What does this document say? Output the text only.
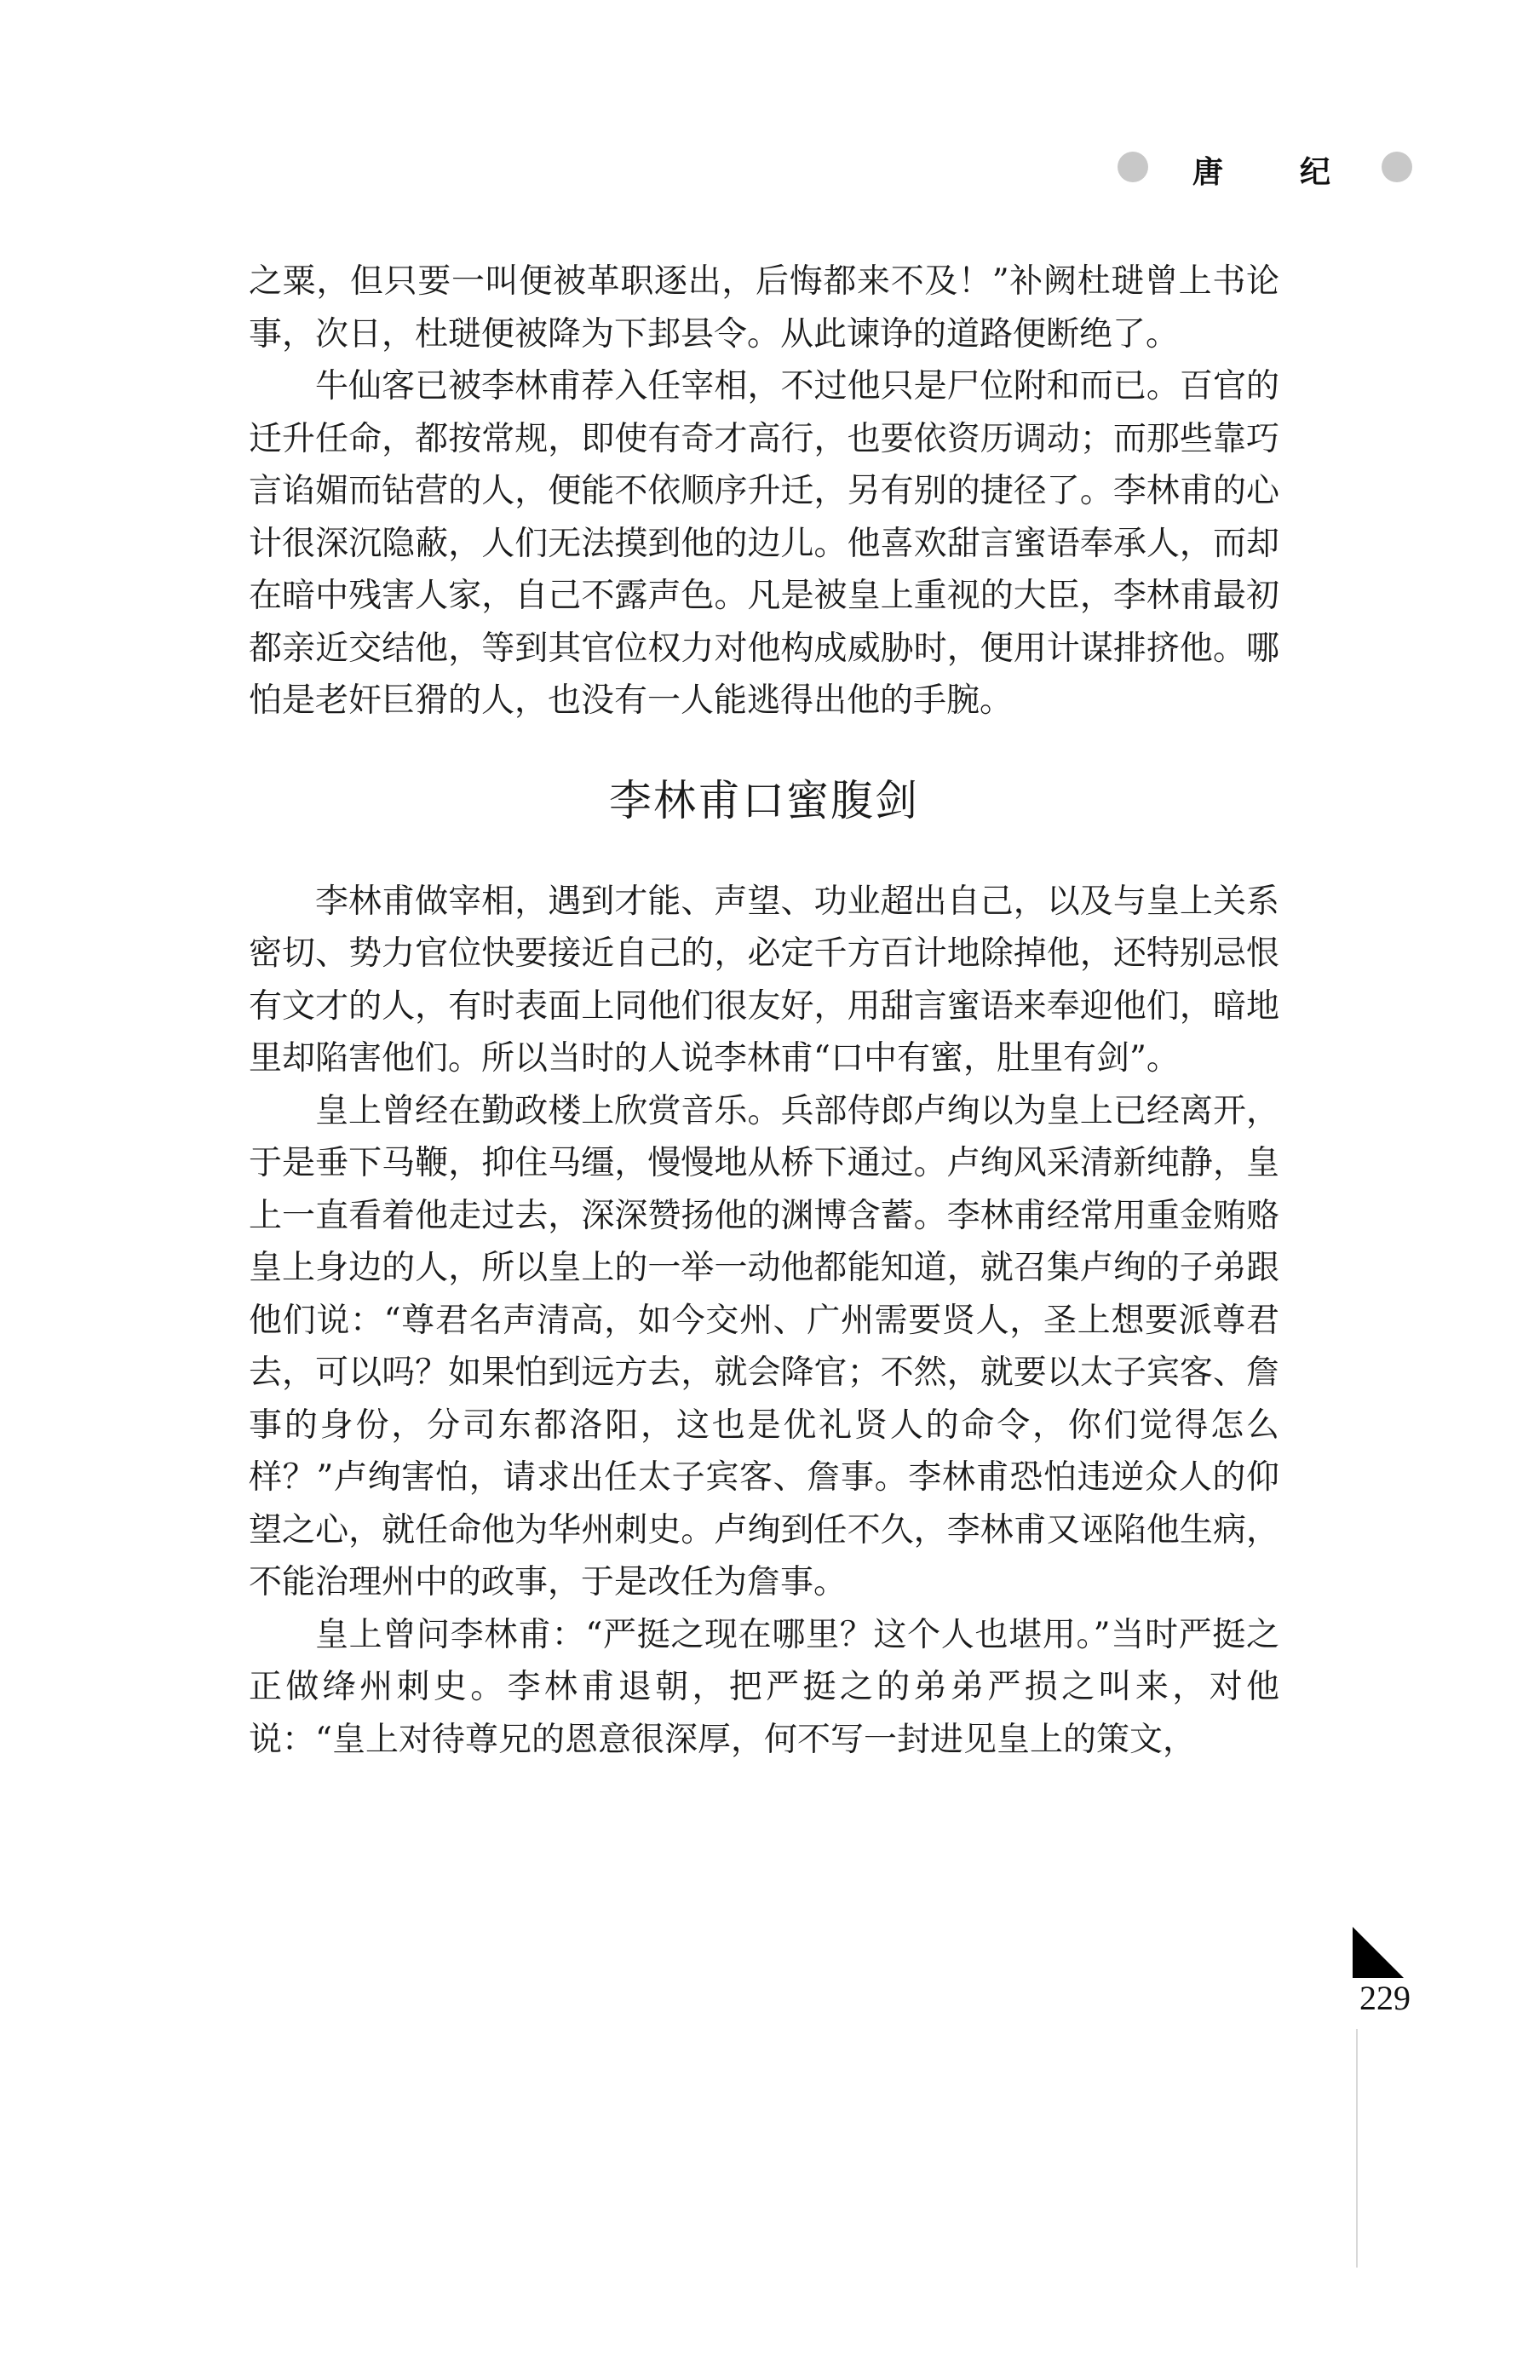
唐 纪

之粟，但只要一叫便被革职逐出，后悔都来不及！”补阙杜琎曾上书论事，次日，杜琎便被降为下邽县令。从此谏诤的道路便断绝了。

牛仙客已被李林甫荐入任宰相，不过他只是尸位附和而已。百官的迁升任命，都按常规，即使有奇才高行，也要依资历调动；而那些靠巧言谄媚而钻营的人，便能不依顺序升迁，另有别的捷径了。李林甫的心计很深沉隐蔽，人们无法摸到他的边儿。他喜欢甜言蜜语奉承人，而却在暗中残害人家，自己不露声色。凡是被皇上重视的大臣，李林甫最初都亲近交结他，等到其官位权力对他构成威胁时，便用计谋排挤他。哪怕是老奸巨猾的人，也没有一人能逃得出他的手腕。

李林甫口蜜腹剑

李林甫做宰相，遇到才能、声望、功业超出自己，以及与皇上关系密切、势力官位快要接近自己的，必定千方百计地除掉他，还特别忌恨有文才的人，有时表面上同他们很友好，用甜言蜜语来奉迎他们，暗地里却陷害他们。所以当时的人说李林甫“口中有蜜，肚里有剑”。

皇上曾经在勤政楼上欣赏音乐。兵部侍郎卢绚以为皇上已经离开，于是垂下马鞭，抑住马缰，慢慢地从桥下通过。卢绚风采清新纯静，皇上一直看着他走过去，深深赞扬他的渊博含蓄。李林甫经常用重金贿赂皇上身边的人，所以皇上的一举一动他都能知道，就召集卢绚的子弟跟他们说：“尊君名声清高，如今交州、广州需要贤人，圣上想要派尊君去，可以吗？如果怕到远方去，就会降官；不然，就要以太子宾客、詹事的身份，分司东都洛阳，这也是优礼贤人的命令，你们觉得怎么样？”卢绚害怕，请求出任太子宾客、詹事。李林甫恐怕违逆众人的仰望之心，就任命他为华州刺史。卢绚到任不久，李林甫又诬陷他生病，不能治理州中的政事，于是改任为詹事。

皇上曾问李林甫：“严挺之现在哪里？这个人也堪用。”当时严挺之正做绛州刺史。李林甫退朝，把严挺之的弟弟严损之叫来，对他说：“皇上对待尊兄的恩意很深厚，何不写一封进见皇上的策文，

229
